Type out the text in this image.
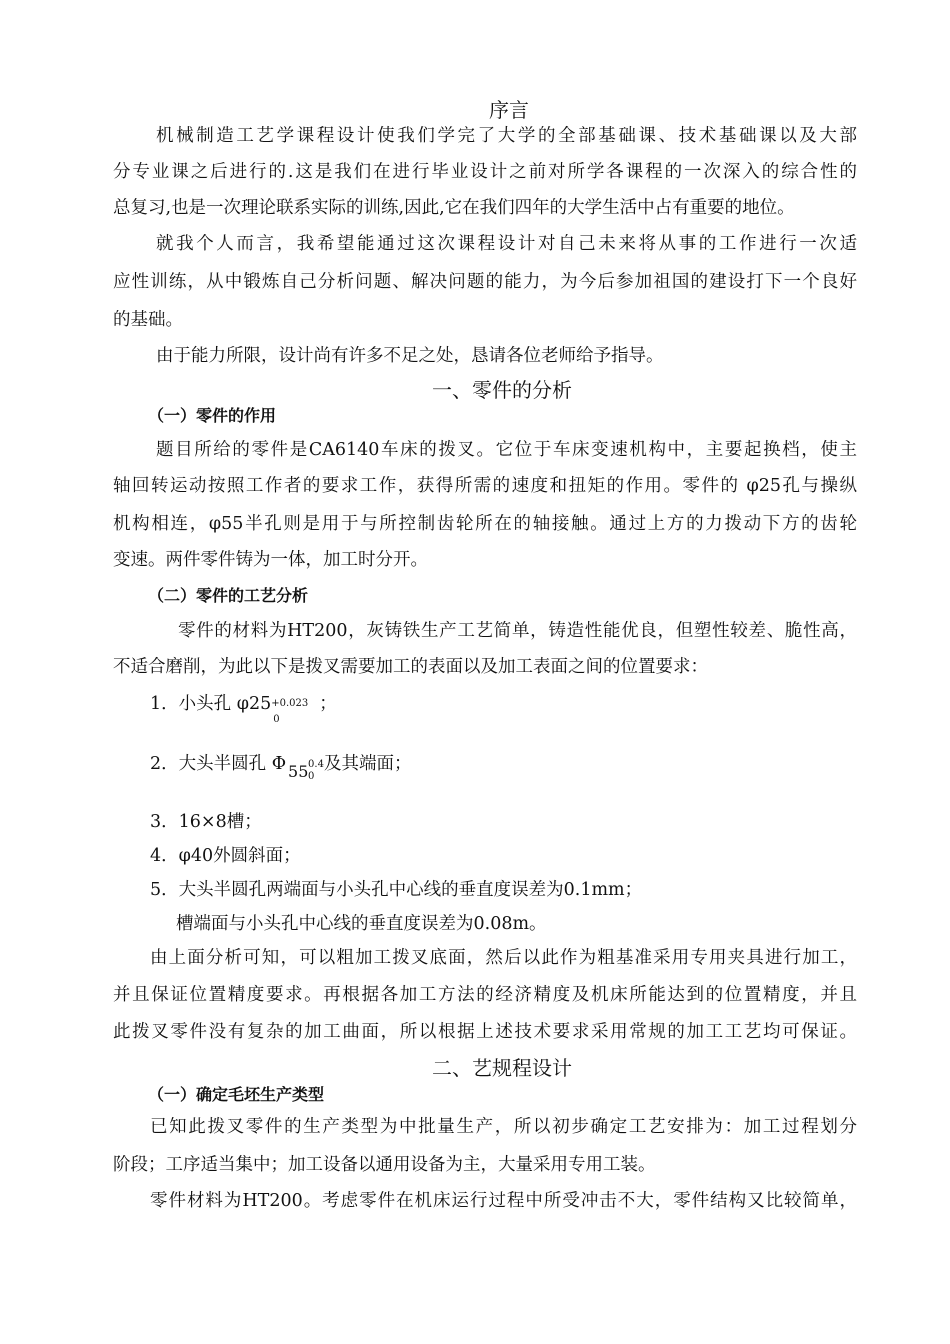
序言
机械制造工艺学课程设计使我们学完了大学的全部基础课、技术基础课以及大部
分专业课之后进行的.这是我们在进行毕业设计之前对所学各课程的一次深入的综合性的
总复习,也是一次理论联系实际的训练,因此,它在我们四年的大学生活中占有重要的地位。
就我个人而言，我希望能通过这次课程设计对自己未来将从事的工作进行一次适
应性训练，从中锻炼自己分析问题、解决问题的能力，为今后参加祖国的建设打下一个良好
的基础。
由于能力所限，设计尚有许多不足之处，恳请各位老师给予指导。
一、零件的分析
（一）零件的作用
题目所给的零件是CA6140车床的拨叉。它位于车床变速机构中，主要起换档，使主
轴回转运动按照工作者的要求工作，获得所需的速度和扭矩的作用。零件的 φ25孔与操纵
机构相连，φ55半孔则是用于与所控制齿轮所在的轴接触。通过上方的力拨动下方的齿轮
变速。两件零件铸为一体，加工时分开。
（二）零件的工艺分析
零件的材料为HT200，灰铸铁生产工艺简单，铸造性能优良，但塑性较差、脆性高，
不适合磨削，为此以下是拨叉需要加工的表面以及加工表面之间的位置要求：
1．小头孔 φ25 +0.023
0
；
2．大头半圆孔 Φ 55 0.4
0
及其端面；
3．16×8槽；
4．φ40外圆斜面；
5．大头半圆孔两端面与小头孔中心线的垂直度误差为0.1mm；
槽端面与小头孔中心线的垂直度误差为0.08m。
由上面分析可知，可以粗加工拨叉底面，然后以此作为粗基准采用专用夹具进行加工，
并且保证位置精度要求。再根据各加工方法的经济精度及机床所能达到的位置精度，并且
此拨叉零件没有复杂的加工曲面，所以根据上述技术要求采用常规的加工工艺均可保证。
二、艺规程设计
（一）确定毛坯生产类型
已知此拨叉零件的生产类型为中批量生产，所以初步确定工艺安排为：加工过程划分
阶段；工序适当集中；加工设备以通用设备为主，大量采用专用工装。
零件材料为HT200。考虑零件在机床运行过程中所受冲击不大，零件结构又比较简单，
